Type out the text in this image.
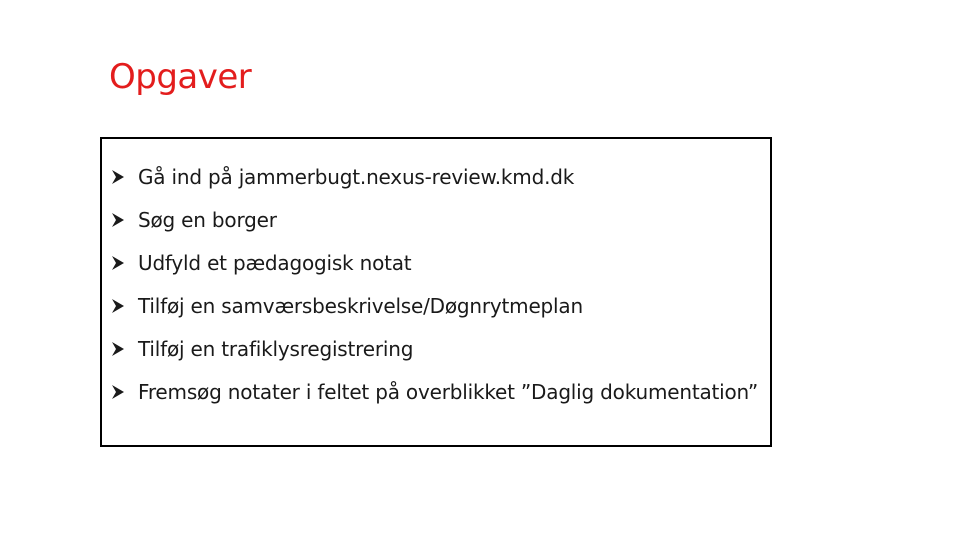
Opgaver
Gå ind på jammerbugt.nexus-review.kmd.dk
Søg en borger
Udfyld et pædagogisk notat
Tilføj en samværsbeskrivelse/Døgnrytmeplan
Tilføj en trafiklysregistrering
Fremsøg notater i feltet på overblikket ”Daglig dokumentation”
